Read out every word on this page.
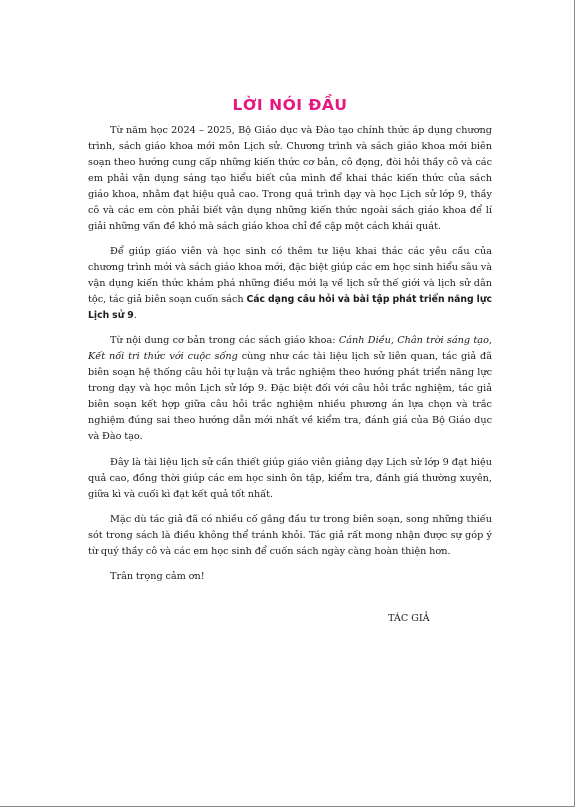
LỜI NÓI ĐẦU

Từ năm học 2024 – 2025, Bộ Giáo dục và Đào tạo chính thức áp dụng chương trình, sách giáo khoa mới môn Lịch sử. Chương trình và sách giáo khoa mới biên soạn theo hướng cung cấp những kiến thức cơ bản, cô đọng, đòi hỏi thầy cô và các em phải vận dụng sáng tạo hiểu biết của mình để khai thác kiến thức của sách giáo khoa, nhằm đạt hiệu quả cao. Trong quá trình dạy và học Lịch sử lớp 9, thầy cô và các em còn phải biết vận dụng những kiến thức ngoài sách giáo khoa để lí giải những vấn đề khó mà sách giáo khoa chỉ đề cập một cách khái quát.

Để giúp giáo viên và học sinh có thêm tư liệu khai thác các yêu cầu của chương trình mới và sách giáo khoa mới, đặc biệt giúp các em học sinh hiểu sâu và vận dụng kiến thức khám phá những điều mới lạ về lịch sử thế giới và lịch sử dân tộc, tác giả biên soạn cuốn sách Các dạng câu hỏi và bài tập phát triển năng lực Lịch sử 9.

Từ nội dung cơ bản trong các sách giáo khoa: Cánh Diều, Chân trời sáng tạo, Kết nối tri thức với cuộc sống cùng như các tài liệu lịch sử liên quan, tác giả đã biên soạn hệ thống câu hỏi tự luận và trắc nghiệm theo hướng phát triển năng lực trong dạy và học môn Lịch sử lớp 9. Đặc biệt đối với câu hỏi trắc nghiệm, tác giả biên soạn kết hợp giữa câu hỏi trắc nghiệm nhiều phương án lựa chọn và trắc nghiệm đúng sai theo hướng dẫn mới nhất về kiểm tra, đánh giá của Bộ Giáo dục và Đào tạo.

Đây là tài liệu lịch sử cần thiết giúp giáo viên giảng dạy Lịch sử lớp 9 đạt hiệu quả cao, đồng thời giúp các em học sinh ôn tập, kiểm tra, đánh giá thường xuyên, giữa kì và cuối kì đạt kết quả tốt nhất.

Mặc dù tác giả đã có nhiều cố gắng đầu tư trong biên soạn, song những thiếu sót trong sách là điều không thể tránh khỏi. Tác giả rất mong nhận được sự góp ý từ quý thầy cô và các em học sinh để cuốn sách ngày càng hoàn thiện hơn.

Trân trọng cảm ơn!

TÁC GIẢ
